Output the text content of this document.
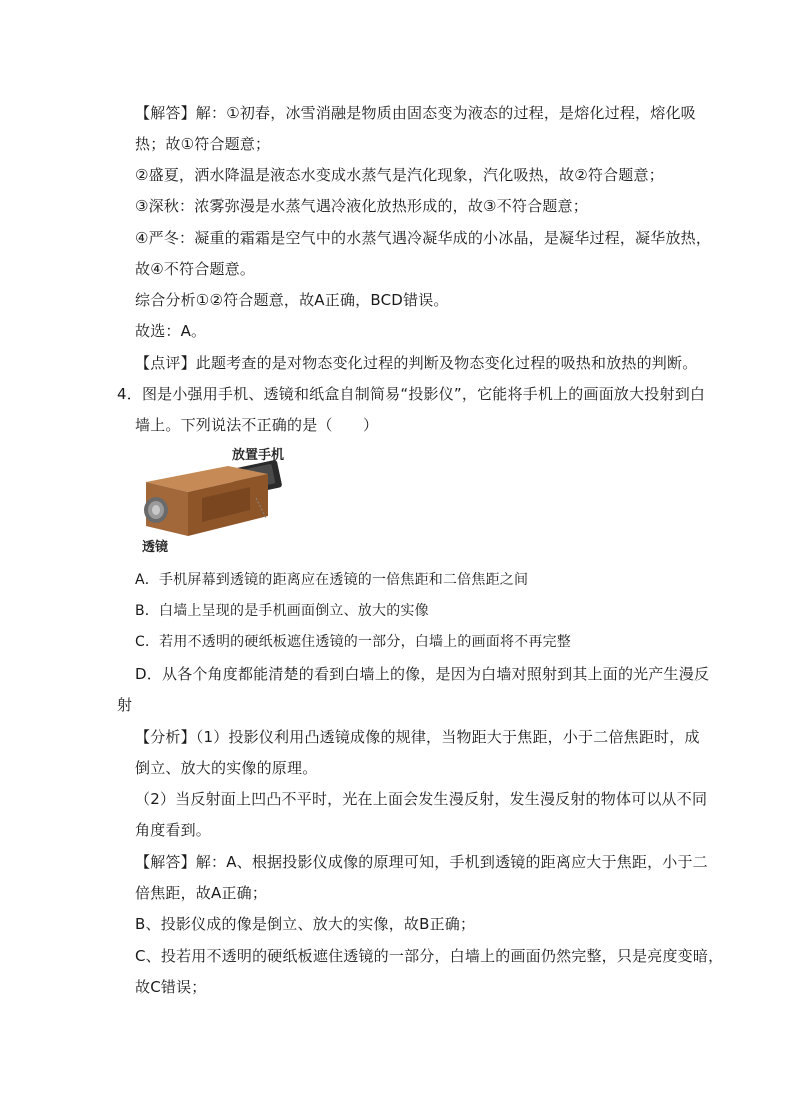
【解答】解：①初春，冰雪消融是物质由固态变为液态的过程，是熔化过程，熔化吸
热；故①符合题意；
②盛夏，洒水降温是液态水变成水蒸气是汽化现象，汽化吸热，故②符合题意；
③深秋：浓雾弥漫是水蒸气遇冷液化放热形成的，故③不符合题意；
④严冬：凝重的霜霜是空气中的水蒸气遇冷凝华成的小冰晶，是凝华过程，凝华放热，
故④不符合题意。
综合分析①②符合题意，故A正确，BCD错误。
故选：A。
【点评】此题考查的是对物态变化过程的判断及物态变化过程的吸热和放热的判断。
4．图是小强用手机、透镜和纸盒自制简易“投影仪”，它能将手机上的画面放大投射到白
墙上。下列说法不正确的是（　　）
放置手机
透镜
A．手机屏幕到透镜的距离应在透镜的一倍焦距和二倍焦距之间
B．白墙上呈现的是手机画面倒立、放大的实像
C．若用不透明的硬纸板遮住透镜的一部分，白墙上的画面将不再完整
D．从各个角度都能清楚的看到白墙上的像，是因为白墙对照射到其上面的光产生漫反
射
【分析】（1）投影仪利用凸透镜成像的规律，当物距大于焦距，小于二倍焦距时，成
倒立、放大的实像的原理。
（2）当反射面上凹凸不平时，光在上面会发生漫反射，发生漫反射的物体可以从不同
角度看到。
【解答】解：A、根据投影仪成像的原理可知，手机到透镜的距离应大于焦距，小于二
倍焦距，故A正确；
B、投影仪成的像是倒立、放大的实像，故B正确；
C、投若用不透明的硬纸板遮住透镜的一部分，白墙上的画面仍然完整，只是亮度变暗，
故C错误；
